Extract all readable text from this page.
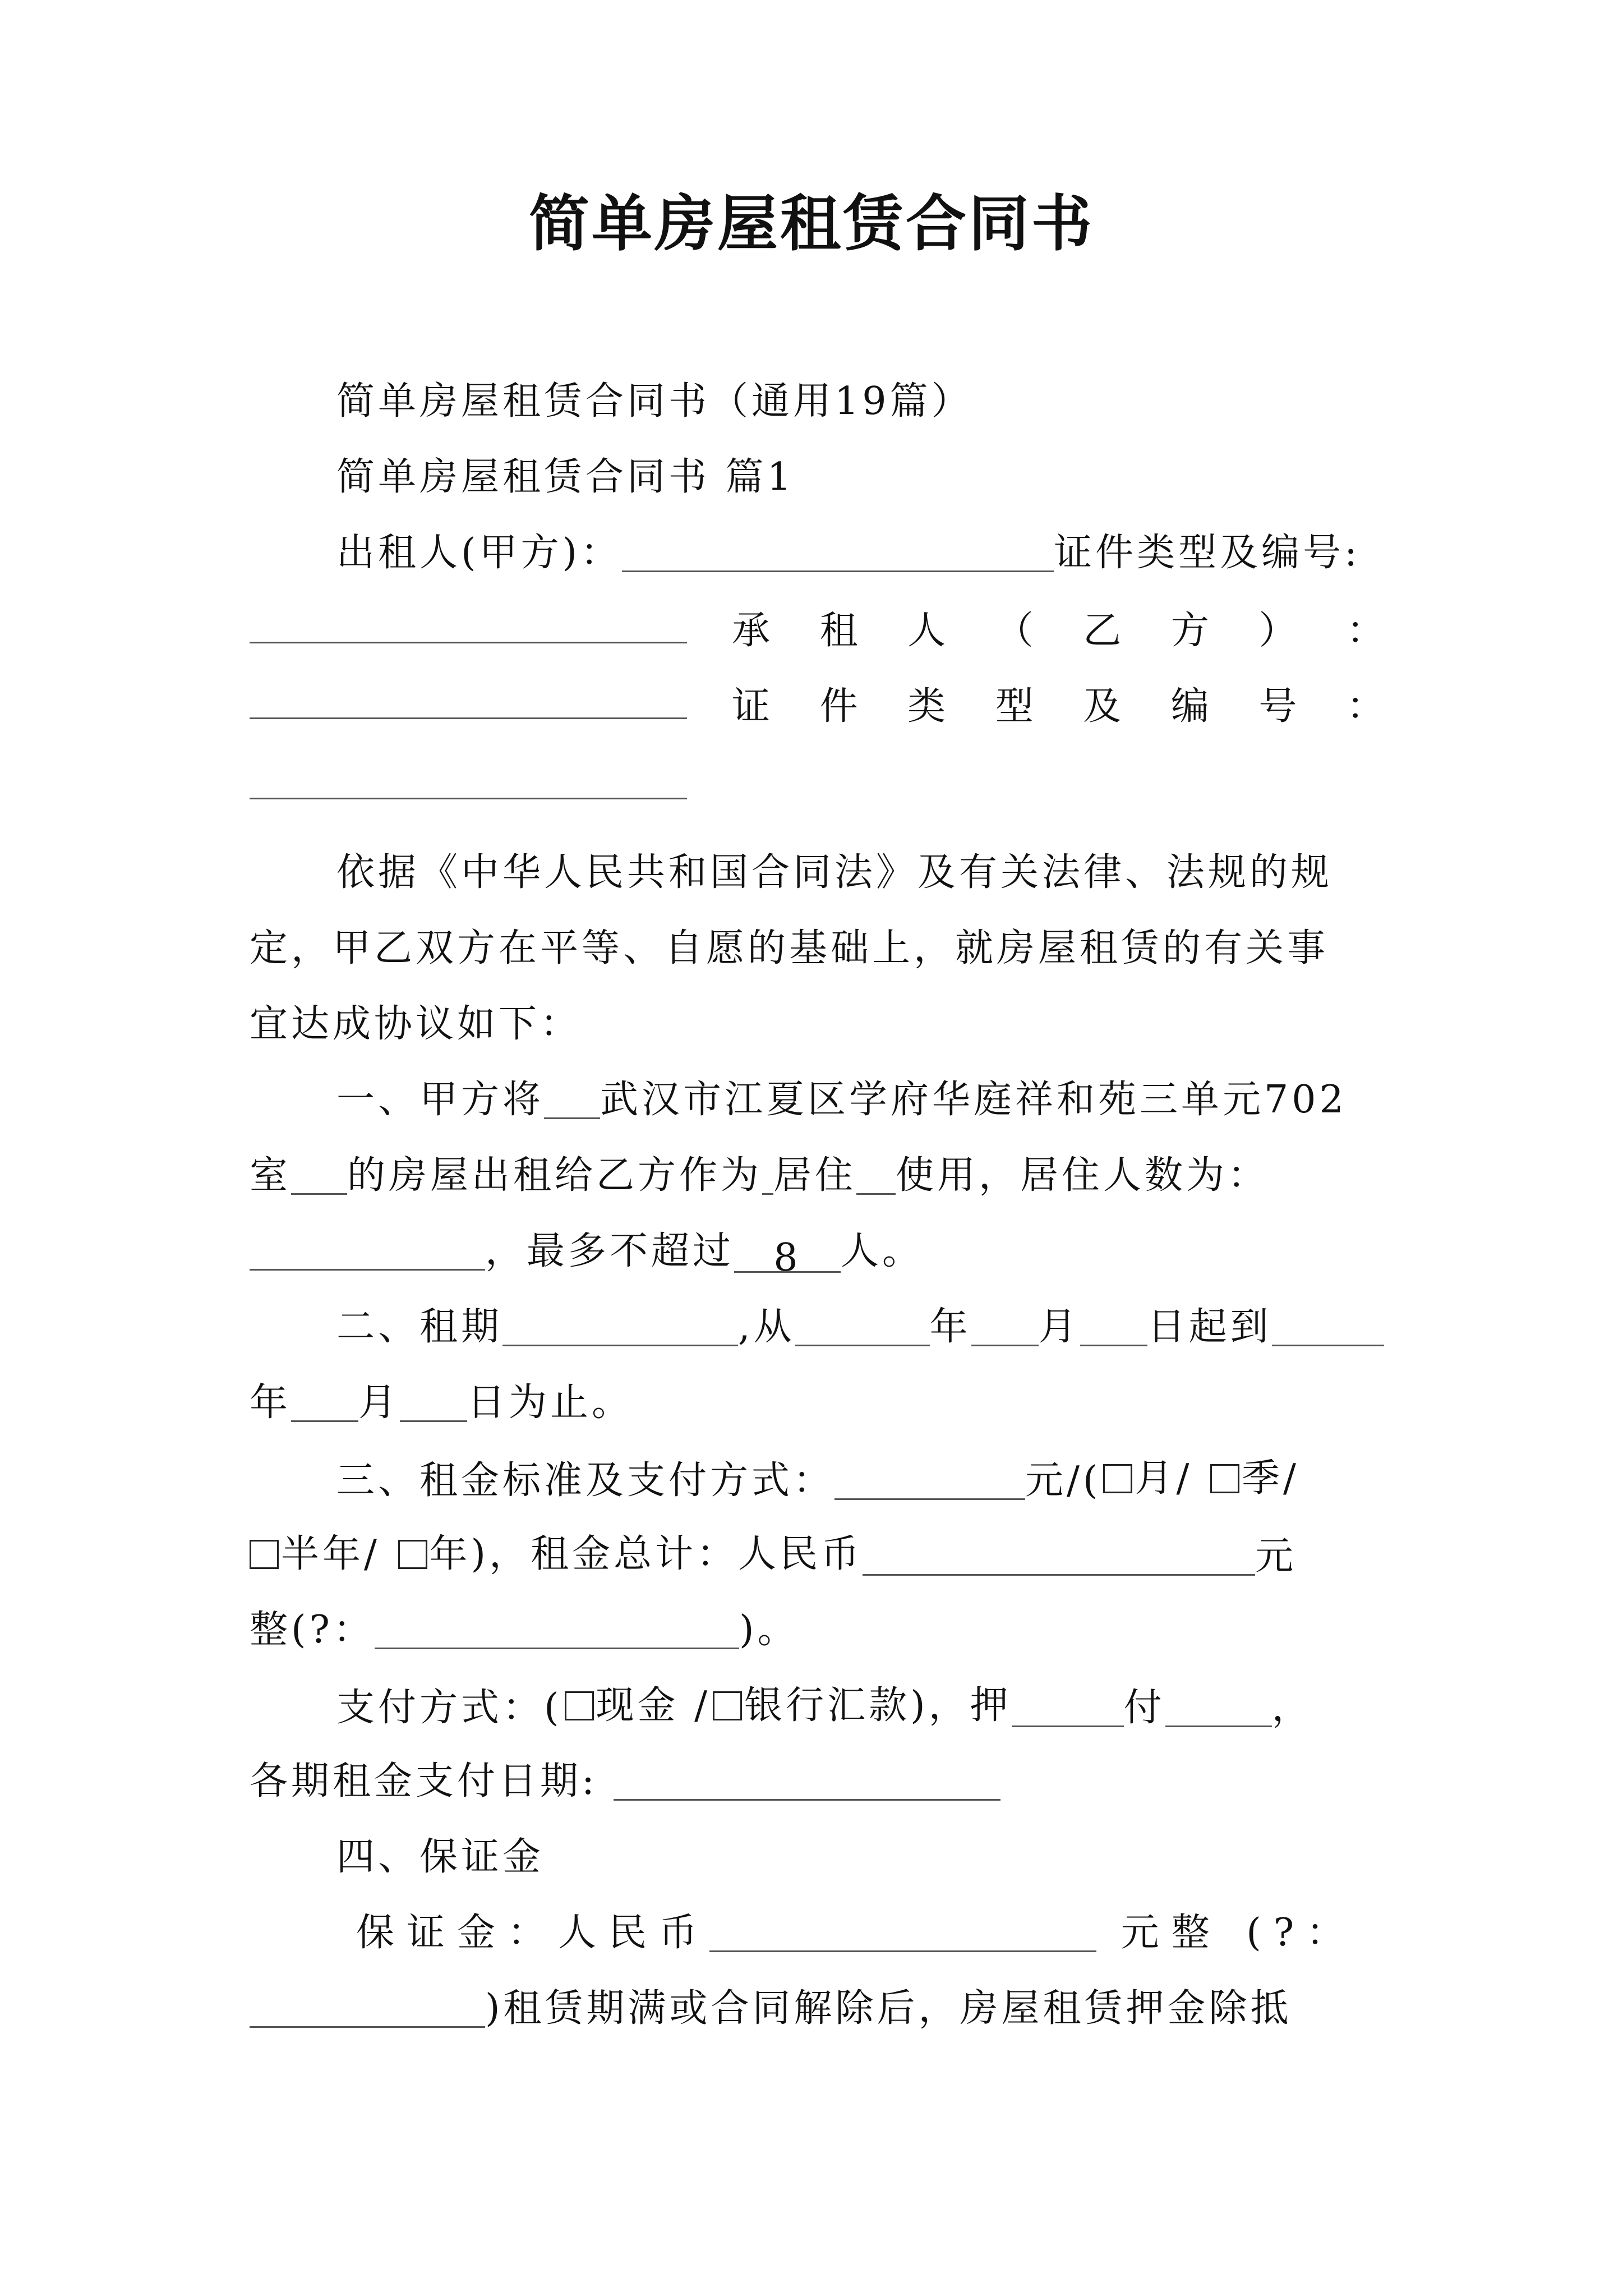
简单房屋租赁合同书
简单房屋租赁合同书（通用19篇）
简单房屋租赁合同书 篇1
出租人(甲方)：	证件类型及编号:
承 租 人 （ 乙 方 ） ：
证 件 类 型 及 编 号 ：
依据《中华人民共和国合同法》及有关法律、法规的规
定，甲乙双方在平等、自愿的基础上，就房屋租赁的有关事
宜达成协议如下：
一、甲方将 武汉市江夏区学府华庭祥和苑三单元702
室 的房屋出租给乙方作为 居住 使用，居住人数为：
，最多不超过 8 人。
二、租期	,从	年 月 日起到
年 月 日为止。
三、租金标准及支付方式：	元/( 月/
季/
半年/
年)，租金总计：人民币	元
整(?：	)。
支付方式：( 现金 / 银行汇款)，押	付	，
各期租金支付日期:
四、保证金
保证金：人民币	元整 (?：
)租赁期满或合同解除后，房屋租赁押金除抵
